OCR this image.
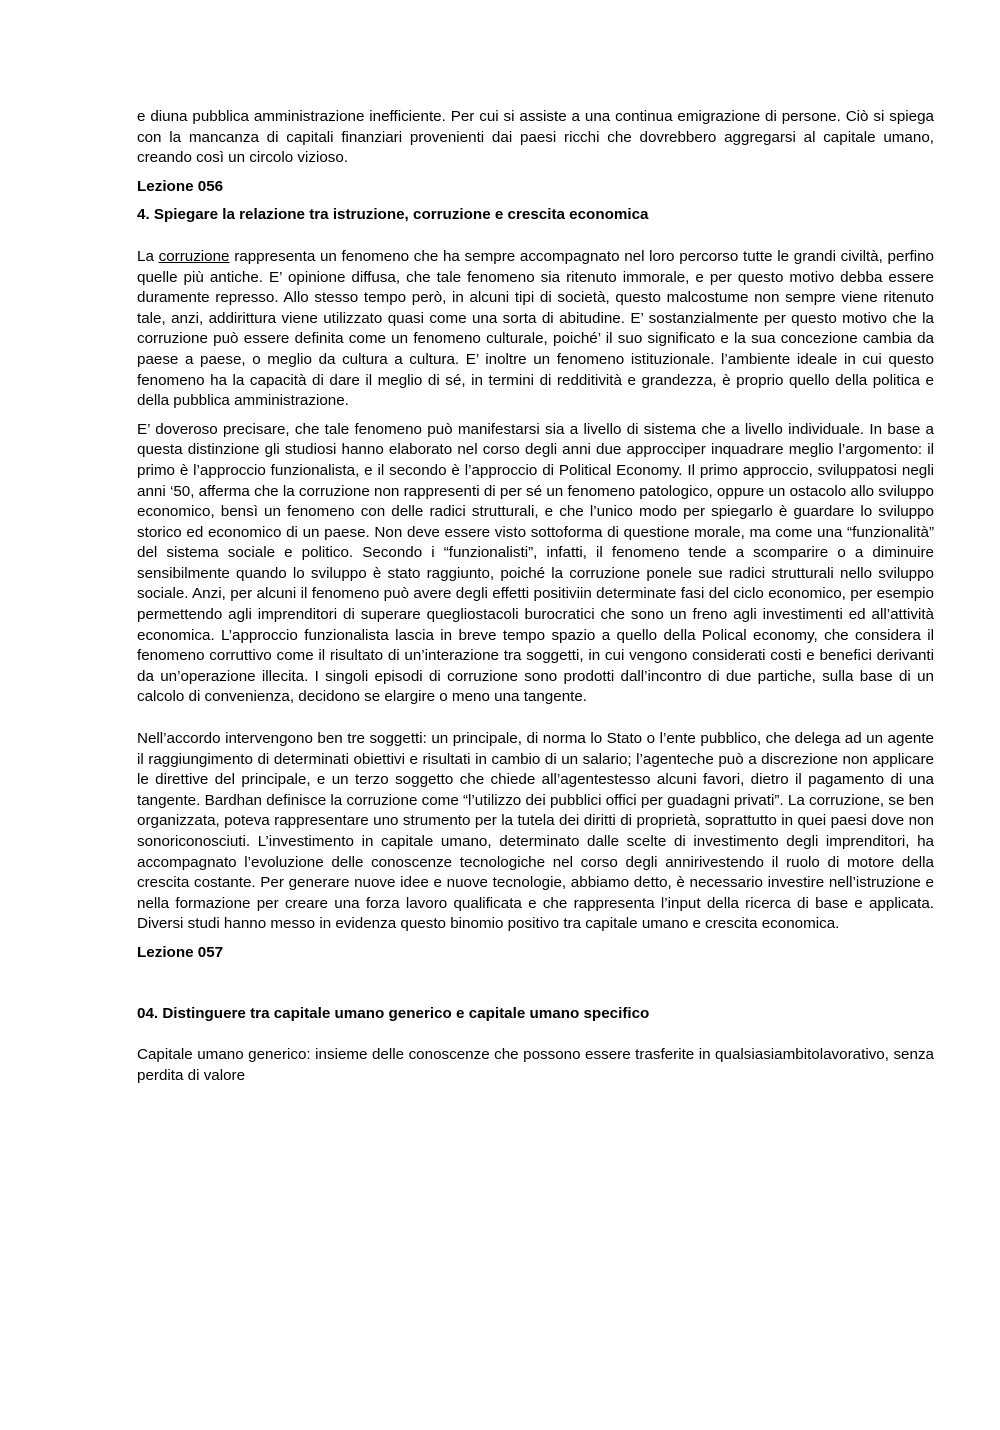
e diuna pubblica amministrazione inefficiente. Per cui si assiste a una continua emigrazione di persone. Ciò si spiega con la mancanza di capitali finanziari provenienti dai paesi ricchi che dovrebbero aggregarsi al capitale umano, creando così un circolo vizioso.

Lezione 056

4. Spiegare la relazione tra istruzione, corruzione e crescita economica

La corruzione rappresenta un fenomeno che ha sempre accompagnato nel loro percorso tutte le grandi civiltà, perfino quelle più antiche. E’ opinione diffusa, che tale fenomeno sia ritenuto immorale, e per questo motivo debba essere duramente represso. Allo stesso tempo però, in alcuni tipi di società, questo malcostume non sempre viene ritenuto tale, anzi, addirittura viene utilizzato quasi come una sorta di abitudine. E’ sostanzialmente per questo motivo che la corruzione può essere definita come un fenomeno culturale, poiché’ il suo significato e la sua concezione cambia da paese a paese, o meglio da cultura a cultura. E’ inoltre un fenomeno istituzionale. l’ambiente ideale in cui questo fenomeno ha la capacità di dare il meglio di sé, in termini di redditività e grandezza, è proprio quello della politica e della pubblica amministrazione.

E’ doveroso precisare, che tale fenomeno può manifestarsi sia a livello di sistema che a livello individuale. In base a questa distinzione gli studiosi hanno elaborato nel corso degli anni due approcciper inquadrare meglio l’argomento: il primo è l’approccio funzionalista, e il secondo è l’approccio di Political Economy. Il primo approccio, sviluppatosi negli anni ‘50, afferma che la corruzione non rappresenti di per sé un fenomeno patologico, oppure un ostacolo allo sviluppo economico, bensì un fenomeno con delle radici strutturali, e che l’unico modo per spiegarlo è guardare lo sviluppo storico ed economico di un paese. Non deve essere visto sottoforma di questione morale, ma come una “funzionalità” del sistema sociale e politico. Secondo i “funzionalisti”, infatti, il fenomeno tende a scomparire o a diminuire sensibilmente quando lo sviluppo è stato raggiunto, poiché la corruzione ponele sue radici strutturali nello sviluppo sociale. Anzi, per alcuni il fenomeno può avere degli effetti positiviin determinate fasi del ciclo economico, per esempio permettendo agli imprenditori di superare quegliostacoli burocratici che sono un freno agli investimenti ed all’attività economica. L’approccio funzionalista lascia in breve tempo spazio a quello della Polical economy, che considera il fenomeno corruttivo come il risultato di un’interazione tra soggetti, in cui vengono considerati costi e benefici derivanti da un’operazione illecita. I singoli episodi di corruzione sono prodotti dall’incontro di due partiche, sulla base di un calcolo di convenienza, decidono se elargire o meno una tangente.

Nell’accordo intervengono ben tre soggetti: un principale, di norma lo Stato o l’ente pubblico, che delega ad un agente il raggiungimento di determinati obiettivi e risultati in cambio di un salario; l’agenteche può a discrezione non applicare le direttive del principale, e un terzo soggetto che chiede all’agentestesso alcuni favori, dietro il pagamento di una tangente. Bardhan definisce la corruzione come “l’utilizzo dei pubblici offici per guadagni privati”. La corruzione, se ben organizzata, poteva rappresentare uno strumento per la tutela dei diritti di proprietà, soprattutto in quei paesi dove non sonoriconosciuti. L’investimento in capitale umano, determinato dalle scelte di investimento degli imprenditori, ha accompagnato l’evoluzione delle conoscenze tecnologiche nel corso degli annirivestendo il ruolo di motore della crescita costante. Per generare nuove idee e nuove tecnologie, abbiamo detto, è necessario investire nell’istruzione e nella formazione per creare una forza lavoro qualificata e che rappresenta l’input della ricerca di base e applicata. Diversi studi hanno messo in evidenza questo binomio positivo tra capitale umano e crescita economica.

Lezione 057

04. Distinguere tra capitale umano generico e capitale umano specifico

Capitale umano generico: insieme delle conoscenze che possono essere trasferite in qualsiasiambitolavorativo, senza perdita di valore
